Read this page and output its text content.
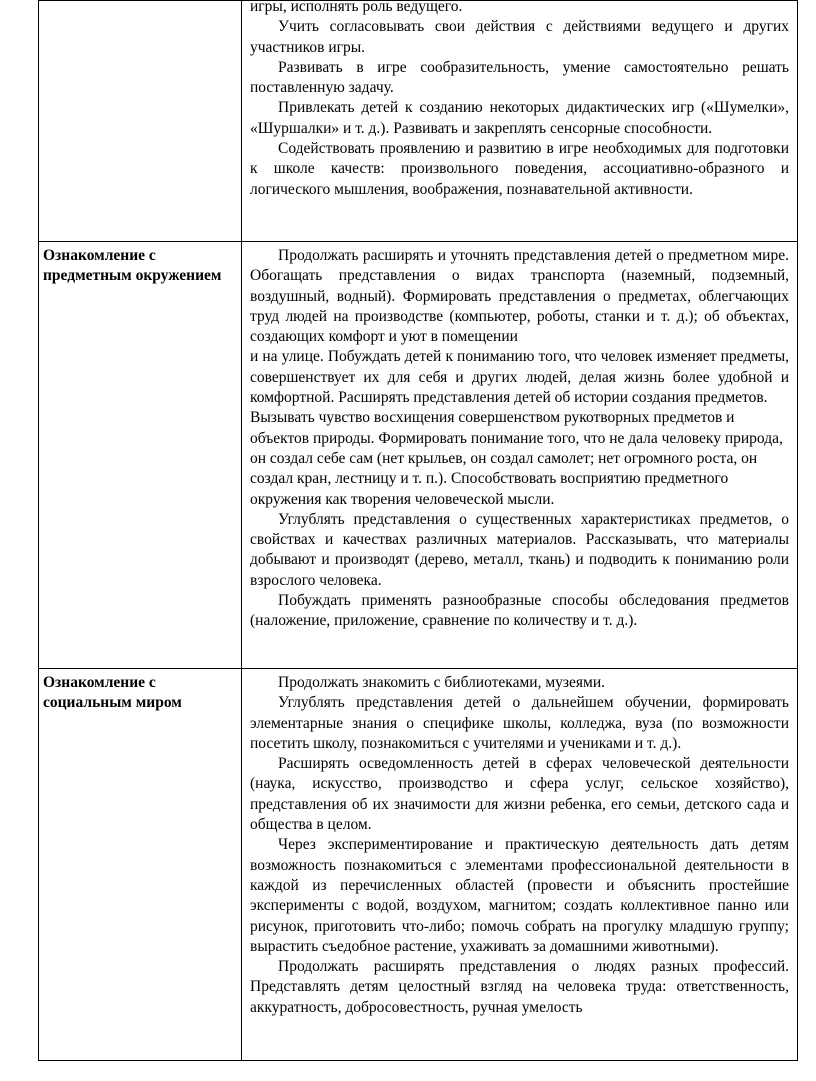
	игры, исполнять роль ведущего.

Учить согласовывать свои действия с действиями ведущего и других участников игры.

Развивать в игре сообразительность, умение самостоятельно решать поставленную задачу.

Привлекать детей к созданию некоторых дидактических игр («Шумелки», «Шуршалки» и т. д.). Развивать и закреплять сенсорные способности.

Содействовать проявлению и развитию в игре необходимых для подготовки к школе качеств: произвольного поведения, ассоциативно-образного и логического мышления, воображения, познавательной активности.

Ознакомление с предметным окружением	Продолжать расширять и уточнять представления детей о предметном мире. Обогащать представления о видах транспорта (наземный, подземный, воздушный, водный). Формировать представления о предметах, облегчающих труд людей на производстве (компьютер, роботы, станки и т. д.); об объектах, создающих комфорт и уют в помещении

и на улице. Побуждать детей к пониманию того, что человек изменяет предметы, совершенствует их для себя и других людей, делая жизнь более удобной и комфортной. Расширять представления детей об истории создания предметов.

Вызывать чувство восхищения совершенством рукотворных предметов и объектов природы. Формировать понимание того, что не дала человеку природа, он создал себе сам (нет крыльев, он создал самолет; нет огромного роста, он создал кран, лестницу и т. п.). Способствовать восприятию предметного окружения как творения человеческой мысли.

Углублять представления о существенных характеристиках предметов, о свойствах и качествах различных материалов. Рассказывать, что материалы добывают и производят (дерево, металл, ткань) и подводить к пониманию роли взрослого человека.

Побуждать применять разнообразные способы обследования предметов (наложение, приложение, сравнение по количеству и т. д.).

Ознакомление с социальным миром	Продолжать знакомить с библиотеками, музеями.

Углублять представления детей о дальнейшем обучении, формировать элементарные знания о специфике школы, колледжа, вуза (по возможности посетить школу, познакомиться с учителями и учениками и т. д.).

Расширять осведомленность детей в сферах человеческой деятельности (наука, искусство, производство и сфера услуг, сельское хозяйство), представления об их значимости для жизни ребенка, его семьи, детского сада и общества в целом.

Через экспериментирование и практическую деятельность дать детям возможность познакомиться с элементами профессиональной деятельности в каждой из перечисленных областей (провести и объяснить простейшие эксперименты с водой, воздухом, магнитом; создать коллективное панно или рисунок, приготовить что-либо; помочь собрать на прогулку младшую группу; вырастить съедобное растение, ухаживать за домашними животными).

Продолжать расширять представления о людях разных профессий. Представлять детям целостный взгляд на человека труда: ответственность, аккуратность, добросовестность, ручная умелость
